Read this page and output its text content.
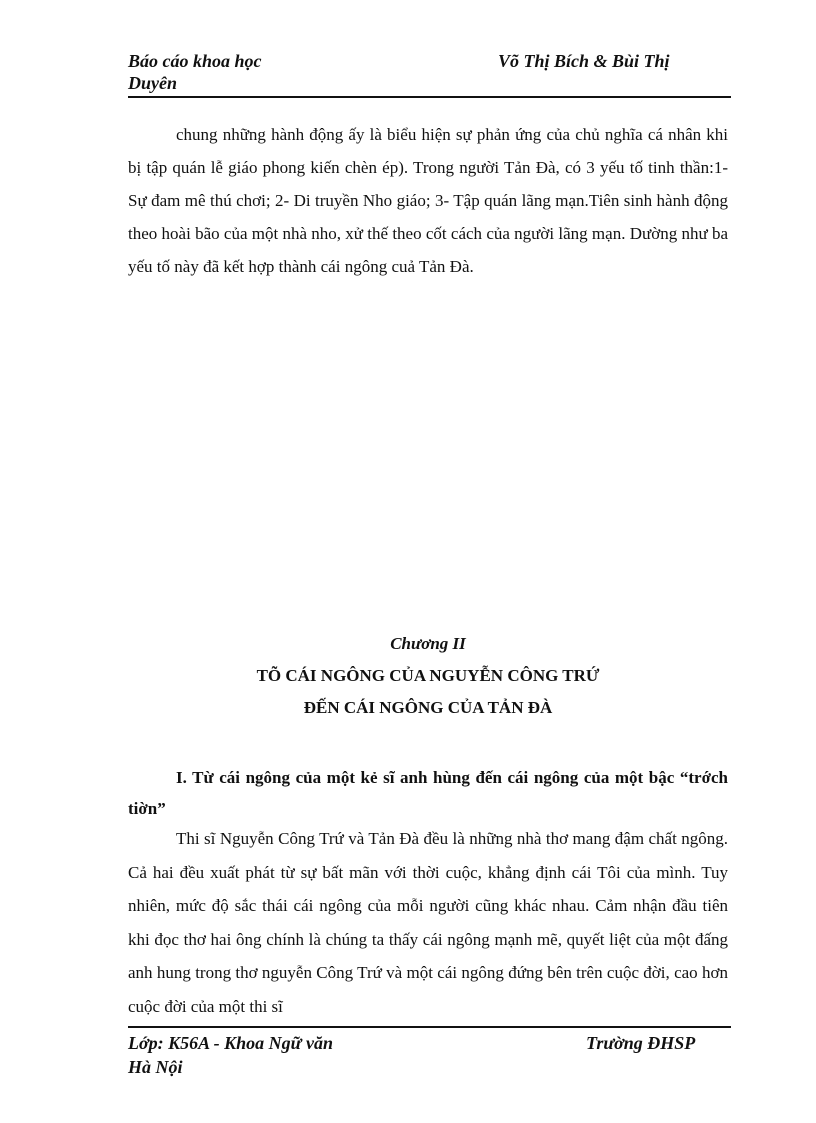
Báo cáo khoa học	Võ Thị Bích & Bùi Thị
Duyên

chung những hành động ấy là biểu hiện sự phản ứng của chủ nghĩa cá nhân khi bị tập quán lễ giáo phong kiến chèn ép). Trong người Tản Đà, có 3 yếu tố tinh thần:1- Sự đam mê thú chơi; 2- Di truyền Nho giáo; 3- Tập quán lãng mạn.Tiên sinh hành động theo hoài bão của một nhà nho, xử thế theo cốt cách của người lãng mạn. Dường như ba yếu tố này đã kết hợp thành cái ngông cuả Tản Đà.

Chương II

TÕ CÁI NGÔNG CỦA NGUYỄN CÔNG TRỨ

ĐẾN CÁI NGÔNG CỦA TẢN ĐÀ

I. Từ cái ngông của một kẻ sĩ anh hùng đến cái ngông của một bậc “trớch tiờn”

Thi sĩ Nguyễn Công Trứ và Tản Đà đều là những nhà thơ mang đậm chất ngông. Cả hai đều xuất phát từ sự bất mãn với thời cuộc, khẳng định cái Tôi của mình. Tuy nhiên, mức độ sắc thái cái ngông của mỗi người cũng khác nhau. Cảm nhận đầu tiên khi đọc thơ hai ông chính là chúng ta thấy cái ngông mạnh mẽ, quyết liệt của một đấng anh hung trong thơ nguyễn Công Trứ và một cái ngông đứng bên trên cuộc đời, cao hơn cuộc đời của một thi sĩ

Lớp: K56A - Khoa Ngữ văn	Trường ĐHSP
Hà Nội
